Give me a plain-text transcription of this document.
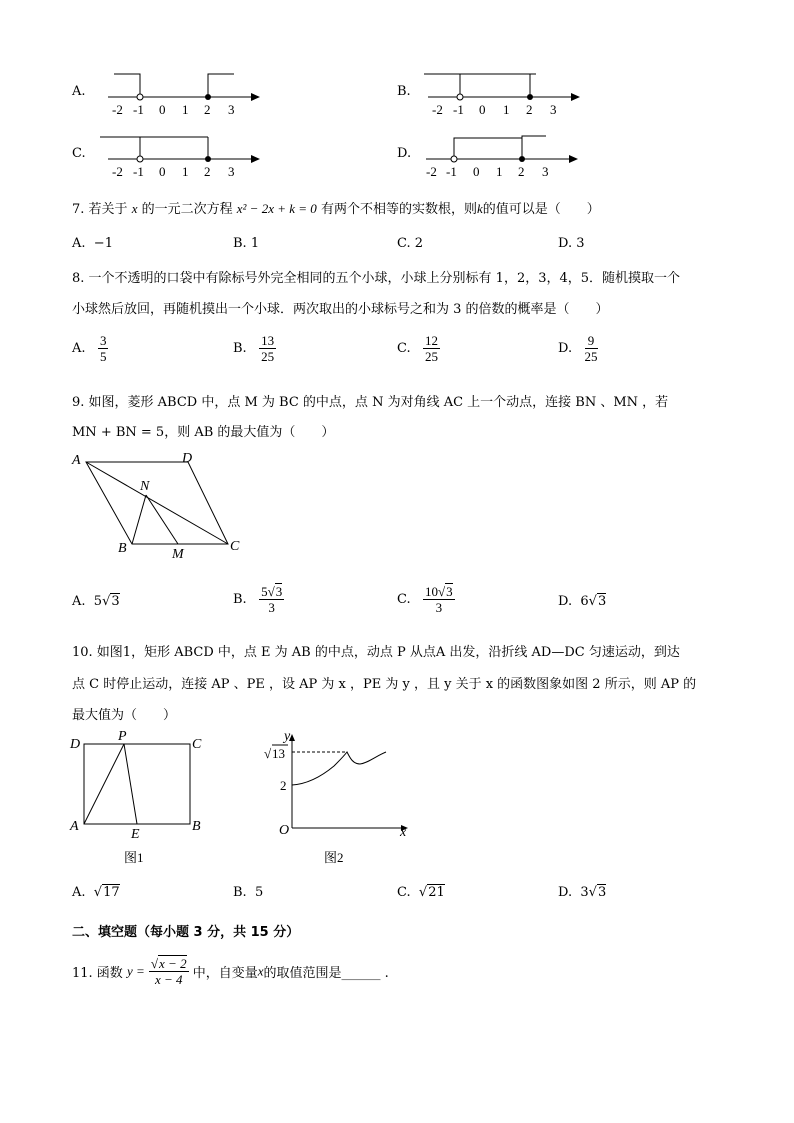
A.	B.
C.	D.
-2 -1 0 1 2 3	-2 -1 0 1 2 3
-2 -1 0 1 2 3	-2 -1 0 1 2 3
7. 若关于 x 的一元二次方程 x² − 2x + k = 0 有两个不相等的实数根，则k的值可以是（　　）
A. −1	B. 1	C. 2	D. 3
8. 一个不透明的口袋中有除标号外完全相同的五个小球，小球上分别标有 1，2，3，4，5．随机摸取一个
小球然后放回，再随机摸出一个小球．两次取出的小球标号之和为 3 的倍数的概率是（　　）
A. $\frac{3}{5}$	B. $\frac{13}{25}$	C. $\frac{12}{25}$	D. $\frac{9}{25}$
9. 如图，菱形 ABCD 中，点 M 为 BC 的中点，点 N 为对角线 AC 上一个动点，连接 BN 、MN ，若
MN + BN = 5，则 AB 的最大值为（　　）
A	D
N
B	M
C
A. 5√3	B. $\frac{5√3}{3}$	C. $\frac{10√3}{3}$	D. 6√3
10. 如图1，矩形 ABCD 中，点 E 为 AB 的中点，动点 P 从点A 出发，沿折线 AD—DC 匀速运动，到达
点 C 时停止运动，连接 AP 、PE ，设 AP 为 x ，PE 为 y ，且 y 关于 x 的函数图象如图 2 所示，则 AP 的
最大值为（　　）
D
P
C
A
E
B
图1
y
O	x
√ 13
2
图2
A. √17	B. 5	C. √21	D. 3√3
二、填空题（每小题 3 分，共 15 分）
11. 函数 $y = \frac{√x - 2}{x - 4}$ 中，自变量x的取值范围是______ .
